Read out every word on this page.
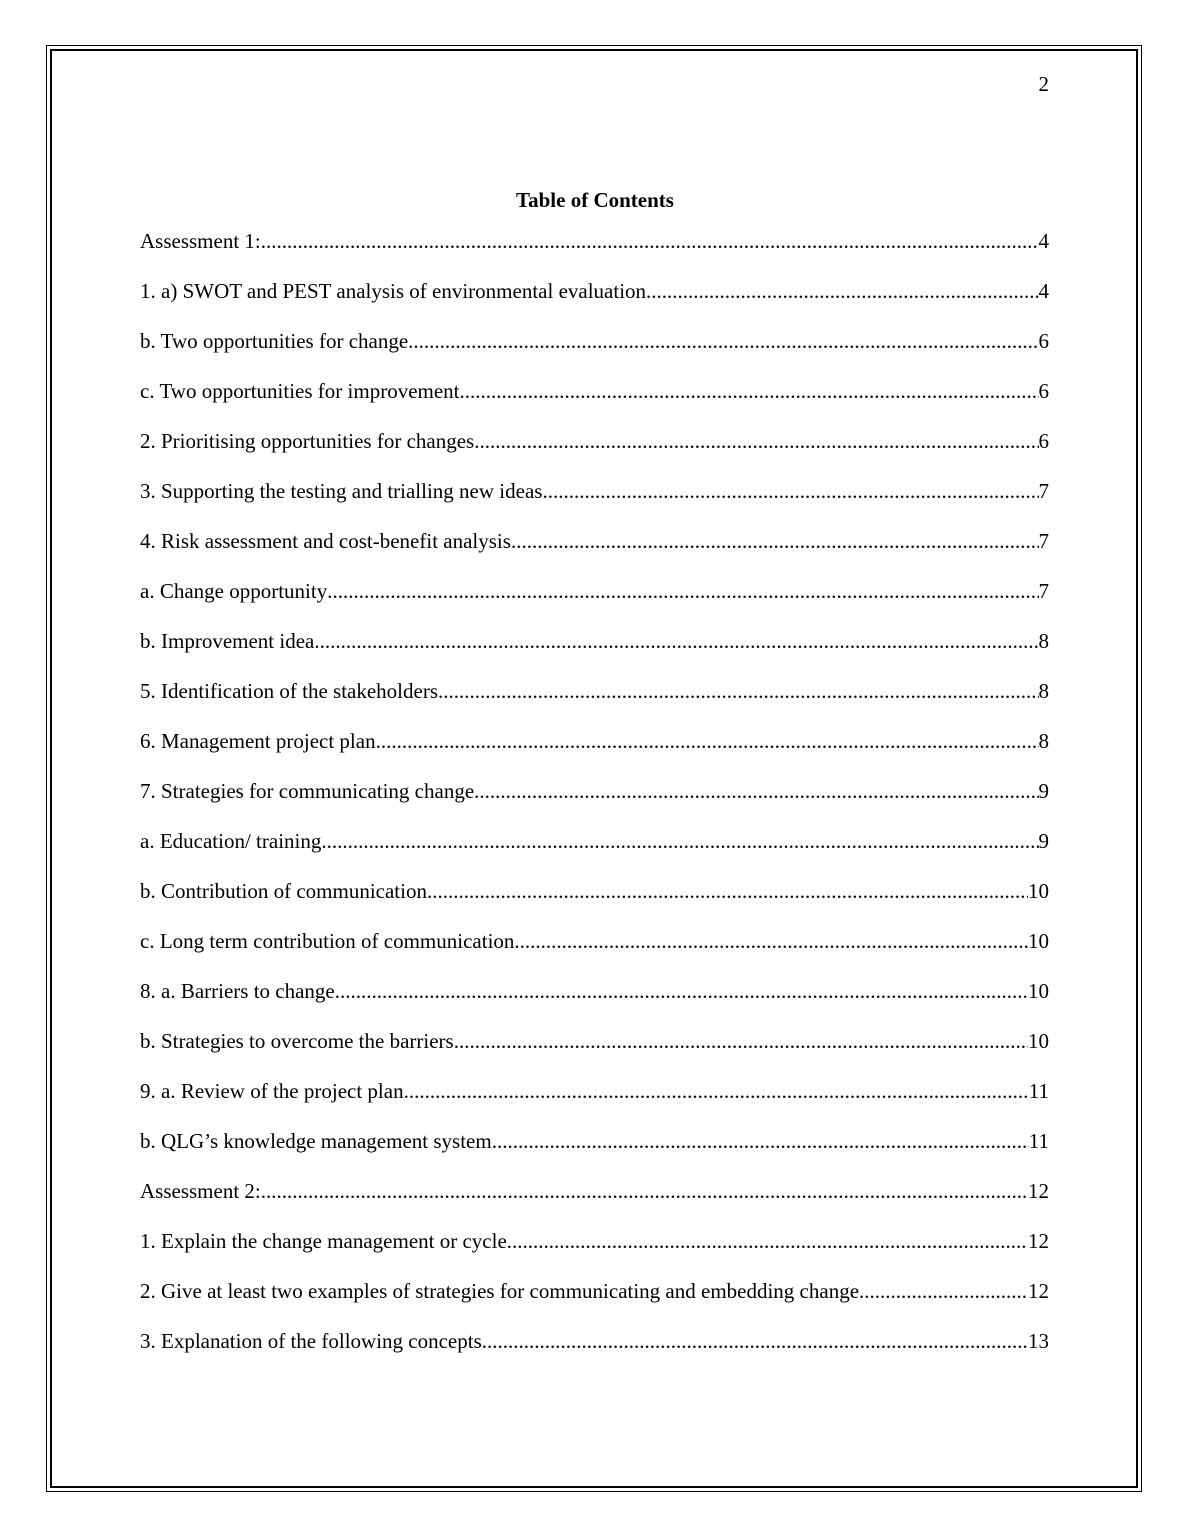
2
Table of Contents
Assessment 1: .....	4
1. a) SWOT and PEST analysis of environmental evaluation .....	4
b. Two opportunities for change .....	6
c. Two opportunities for improvement .....	6
2. Prioritising opportunities for changes .....	6
3. Supporting the testing and trialling new ideas .....	7
4. Risk assessment and cost-benefit analysis .....	7
a. Change opportunity .....	7
b. Improvement idea .....	8
5. Identification of the stakeholders .....	8
6. Management project plan .....	8
7. Strategies for communicating change .....	9
a. Education/ training .....	9
b. Contribution of communication .....	10
c. Long term contribution of communication .....	10
8. a. Barriers to change .....	10
b. Strategies to overcome the barriers .....	10
9. a. Review of the project plan .....	11
b. QLG’s knowledge management system .....	11
Assessment 2: .....	12
1. Explain the change management or cycle .....	12
2. Give at least two examples of strategies for communicating and embedding change .....	12
3. Explanation of the following concepts .....	13
